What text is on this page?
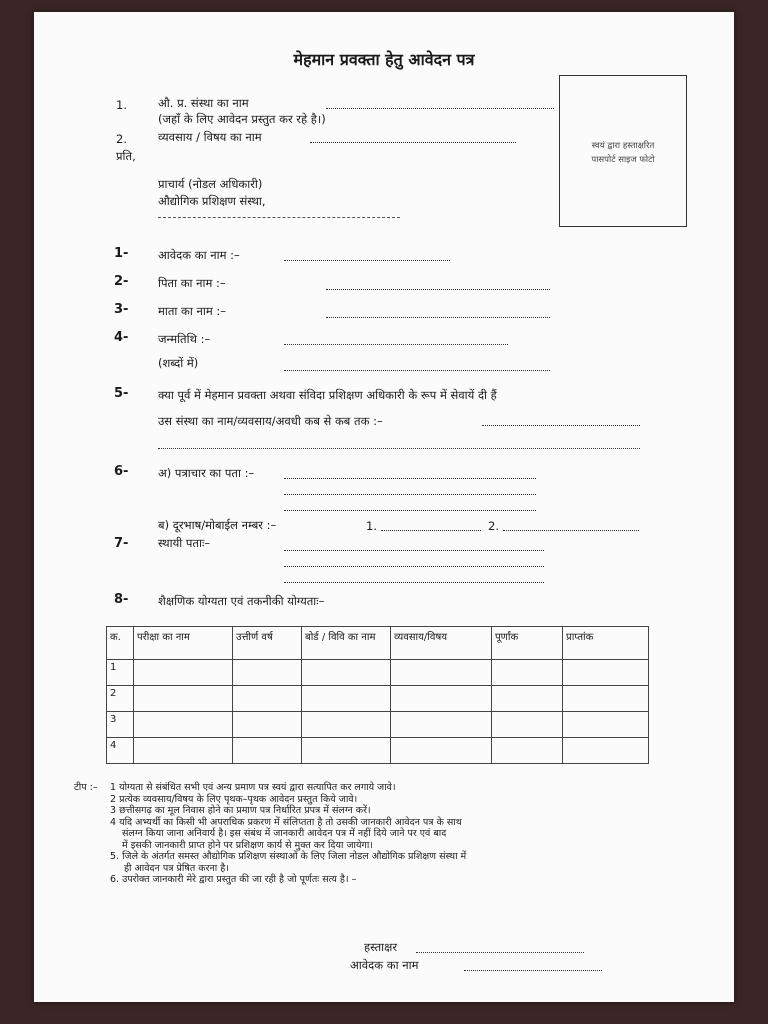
मेहमान प्रवक्ता हेतु आवेदन पत्र
1.	औ. प्र. संस्था का नाम
(जहाँ के लिए आवेदन प्रस्तुत कर रहे है।)
2.	व्यवसाय / विषय का नाम
प्रति,
प्राचार्य (नोडल अधिकारी)
औद्योगिक प्रशिक्षण संस्था,
स्वयं द्वारा हस्ताक्षरित
पासपोर्ट साइज फोटो
1-	आवेदक का नाम :–
2-	पिता का नाम :–
3-	माता का नाम :–
4-	जन्मतिथि :–
(शब्दों में)
5-	क्या पूर्व में मेहमान प्रवक्ता अथवा संविदा प्रशिक्षण अधिकारी के रूप में सेवायें दी हैं
उस संस्था का नाम/व्यवसाय/अवधी कब से कब तक :–
6-	अ) पत्राचार का पता :–
ब) दूरभाष/मोबाईल नम्बर :–	1.	2.
7-	स्थायी पताः–
8-	शैक्षणिक योग्यता एवं तकनीकी योग्यताः–
क.	परीक्षा का नाम	उत्तीर्ण वर्ष	बोर्ड / विवि का नाम	व्यवसाय/विषय	पूर्णांक	प्राप्तांक
1						
2						
3						
4						
टीप :– 1 योग्यता से संबंधित सभी एवं अन्य प्रमाण पत्र स्वयं द्वारा सत्यापित कर लगाये जावे।
2 प्रत्येक व्यवसाय/विषय के लिए पृथक–पृथक आवेदन प्रस्तुत किये जावे।
3 छत्तीसगढ़ का मूल निवास होने का प्रमाण पत्र निर्धारित प्रपत्र में संलग्न करें।
4 यदि अभ्यर्थी का किसी भी अपराधिक प्रकरण में संलिप्तता है तो उसकी जानकारी आवेदन पत्र के साथ
संलग्न किया जाना अनिवार्य है। इस संबंध में जानकारी आवेदन पत्र में नहीं दिये जाने पर एवं बाद
में इसकी जानकारी प्राप्त होने पर प्रशिक्षण कार्य से मुक्त कर दिया जायेगा।
5. जिले के अंतर्गत समस्त औद्योगिक प्रशिक्षण संस्थाओं के लिए जिला नोडल औद्योगिक प्रशिक्षण संस्था में
ही आवेदन पत्र प्रेषित करना है।
6. उपरोक्त जानकारी मेरे द्वारा प्रस्तुत की जा रही है जो पूर्णतः सत्य है। –
हस्ताक्षर
आवेदक का नाम
